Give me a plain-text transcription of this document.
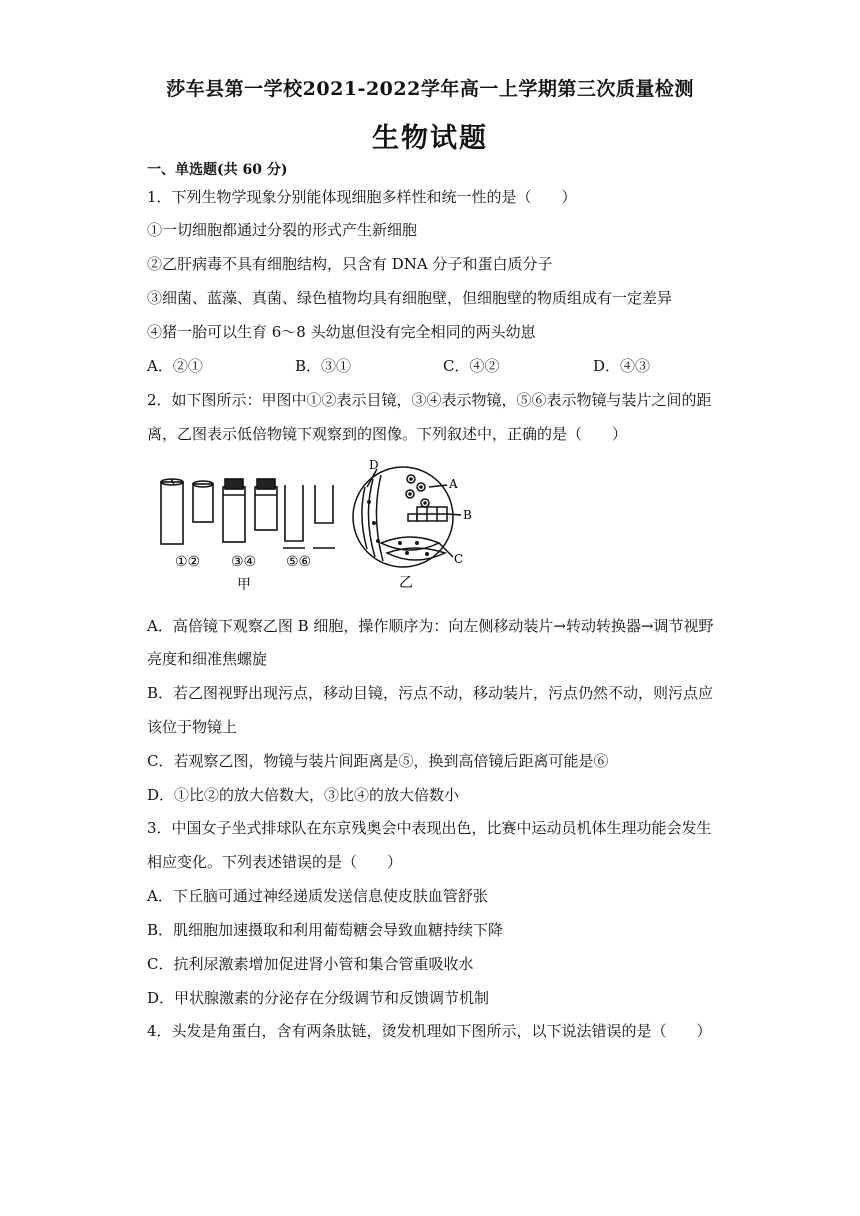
莎车县第一学校2021-2022学年高一上学期第三次质量检测
生物试题
一、单选题(共 60 分)
1．下列生物学现象分别能体现细胞多样性和统一性的是（　　）
①一切细胞都通过分裂的形式产生新细胞
②乙肝病毒不具有细胞结构，只含有 DNA 分子和蛋白质分子
③细菌、蓝藻、真菌、绿色植物均具有细胞壁，但细胞壁的物质组成有一定差异
④猪一胎可以生育 6～8 头幼崽但没有完全相同的两头幼崽
A．②①	B．③①	C．④②	D．④③
2．如下图所示：甲图中①②表示目镜，③④表示物镜，⑤⑥表示物镜与装片之间的距
离，乙图表示低倍物镜下观察到的图像。下列叙述中，正确的是（　　）
①② ③④ ⑤⑥
甲
D
A
B
C
乙
A．高倍镜下观察乙图 B 细胞，操作顺序为：向左侧移动装片→转动转换器→调节视野
亮度和细准焦螺旋
B．若乙图视野出现污点，移动目镜，污点不动，移动装片，污点仍然不动，则污点应
该位于物镜上
C．若观察乙图，物镜与装片间距离是⑤，换到高倍镜后距离可能是⑥
D．①比②的放大倍数大，③比④的放大倍数小
3．中国女子坐式排球队在东京残奥会中表现出色，比赛中运动员机体生理功能会发生
相应变化。下列表述错误的是（　　）
A．下丘脑可通过神经递质发送信息使皮肤血管舒张
B．肌细胞加速摄取和利用葡萄糖会导致血糖持续下降
C．抗利尿激素增加促进肾小管和集合管重吸收水
D．甲状腺激素的分泌存在分级调节和反馈调节机制
4．头发是角蛋白，含有两条肽链，烫发机理如下图所示，以下说法错误的是（　　）
